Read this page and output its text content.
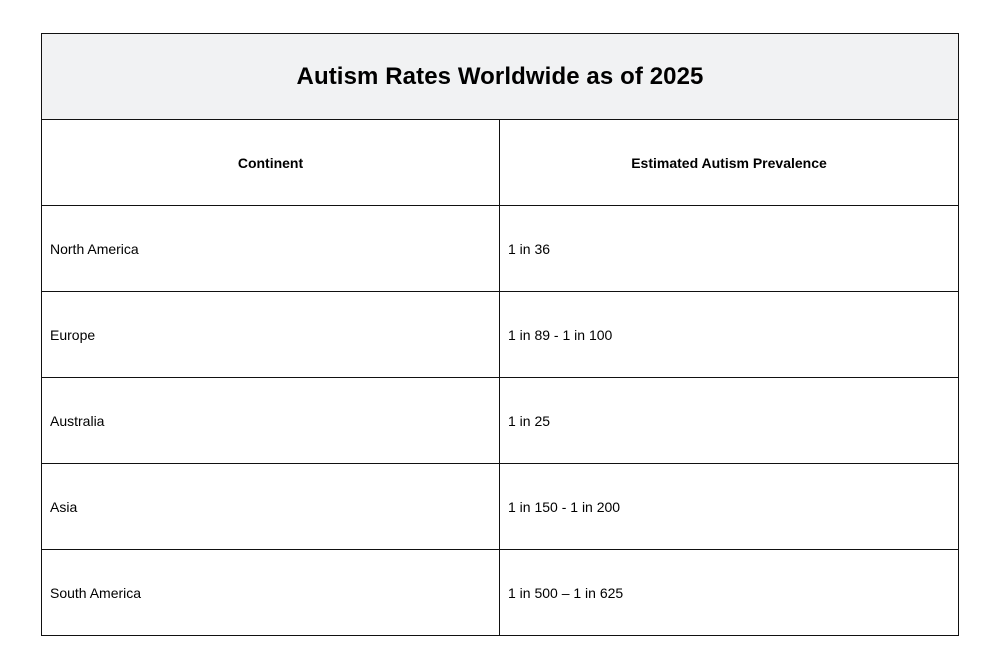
Autism Rates Worldwide as of 2025	
Continent	Estimated Autism Prevalence
North America	1 in 36
Europe	1 in 89 - 1 in 100
Australia	1 in 25
Asia	1 in 150 - 1 in 200
South America	1 in 500 – 1 in 625
